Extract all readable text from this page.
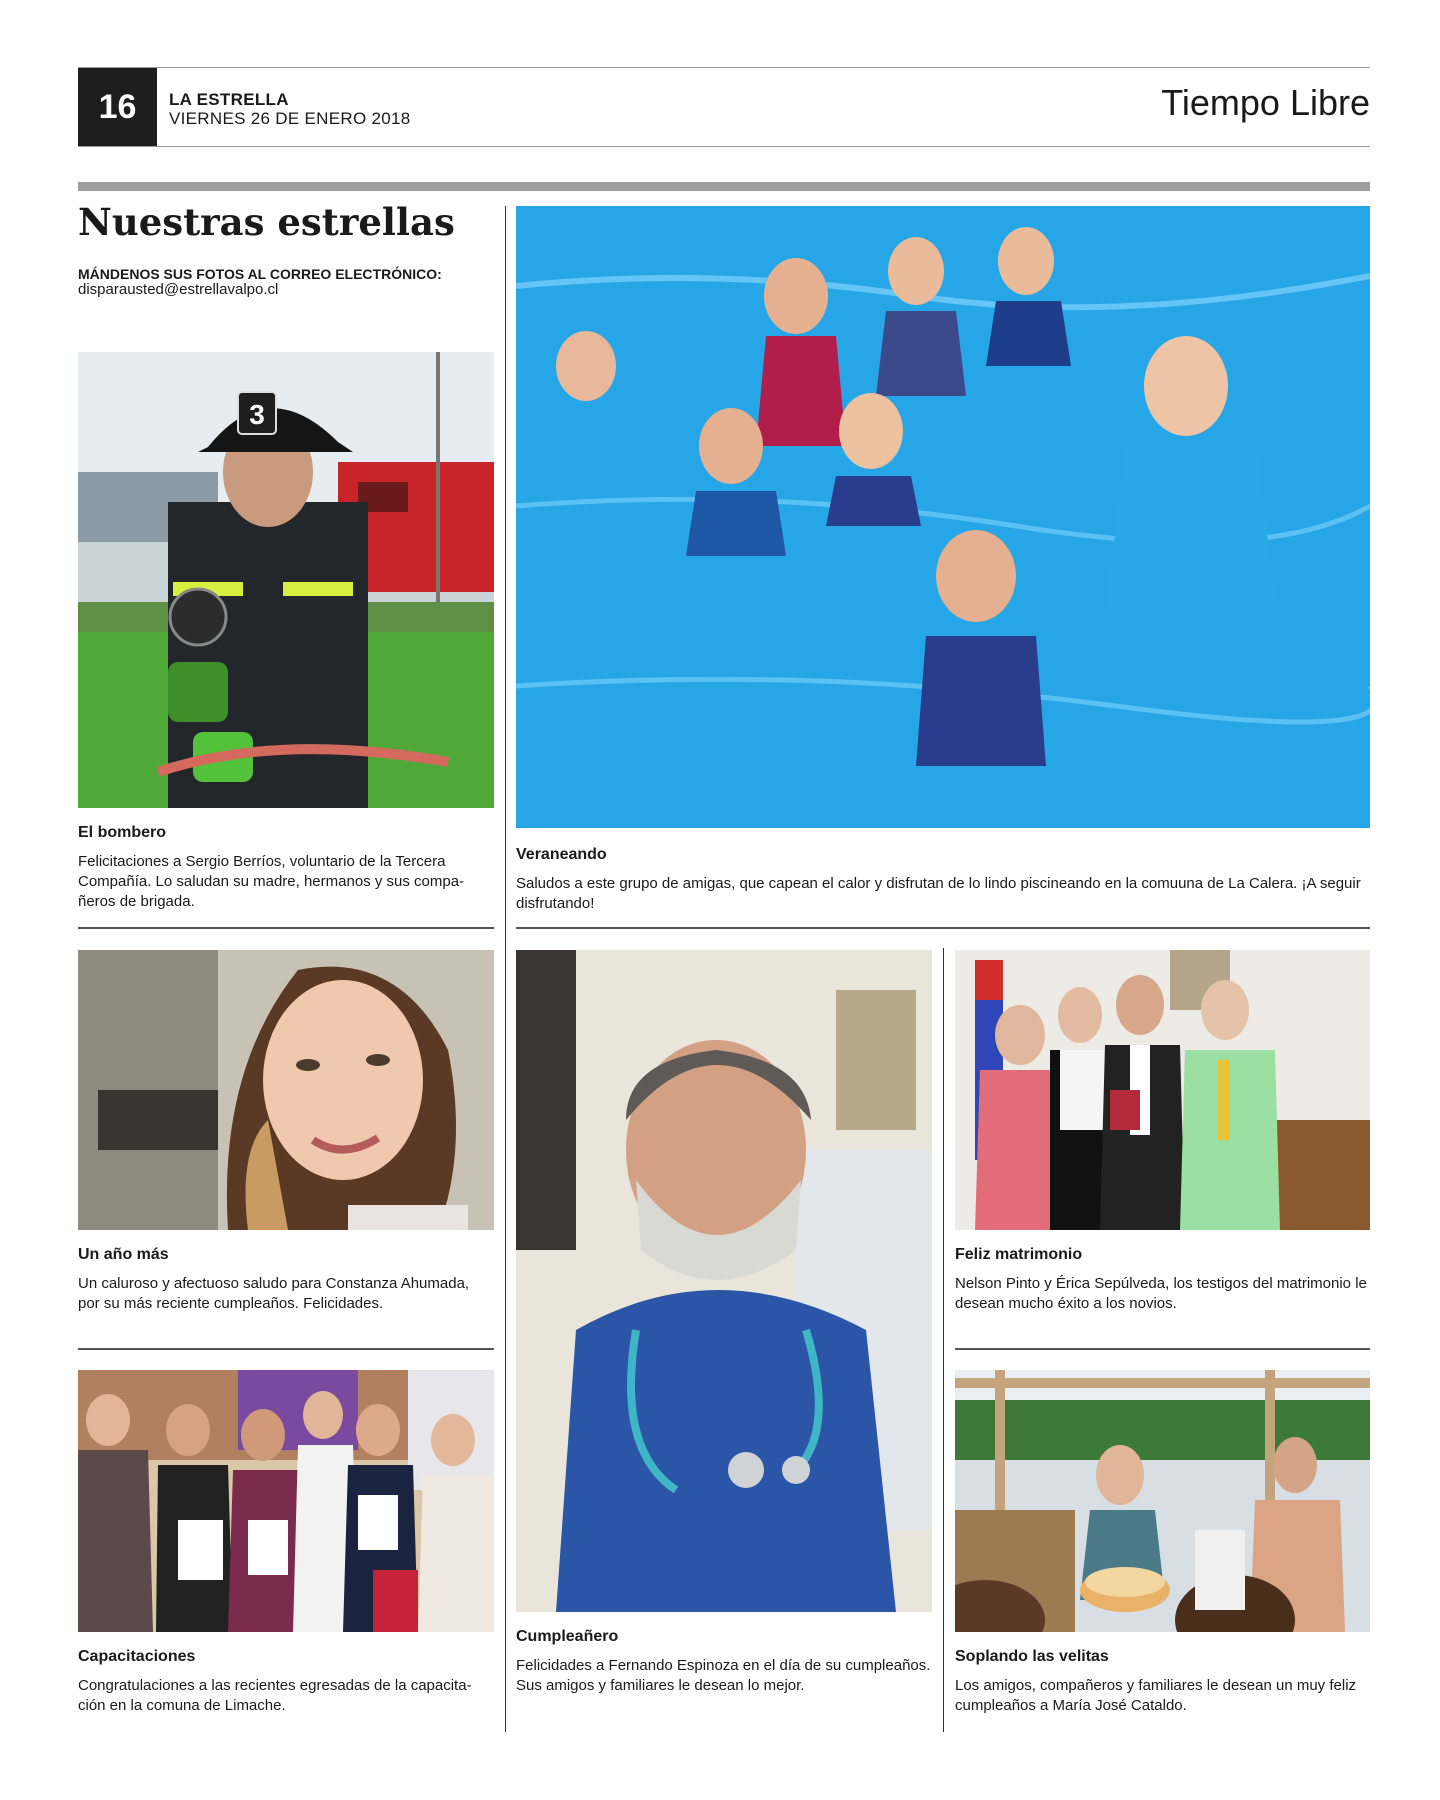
16	LA ESTRELLA
VIERNES 26 DE ENERO 2018	Tiempo Libre
Nuestras estrellas
MÁNDENOS SUS FOTOS AL CORREO ELECTRÓNICO:
disparausted@estrellavalpo.cl
3
El bombero
Felicitaciones a Sergio Berríos, voluntario de la Tercera Compañía. Lo saludan su madre, hermanos y sus compañeros de brigada.
Veraneando
Saludos a este grupo de amigas, que capean el calor y disfrutan de lo lindo piscineando en la comuuna de La Calera. ¡A seguir disfrutando!
Un año más
Un caluroso y afectuoso saludo para Constanza Ahumada, por su más reciente cumpleaños. Felicidades.
Cumpleañero
Felicidades a Fernando Espinoza en el día de su cumpleaños. Sus amigos y familiares le desean lo mejor.
Feliz matrimonio
Nelson Pinto y Érica Sepúlveda, los testigos del matrimonio le desean mucho éxito a los novios.
Capacitaciones
Congratulaciones a las recientes egresadas de la capacitación en la comuna de Limache.
Soplando las velitas
Los amigos, compañeros y familiares le desean un muy feliz cumpleaños a María José Cataldo.
